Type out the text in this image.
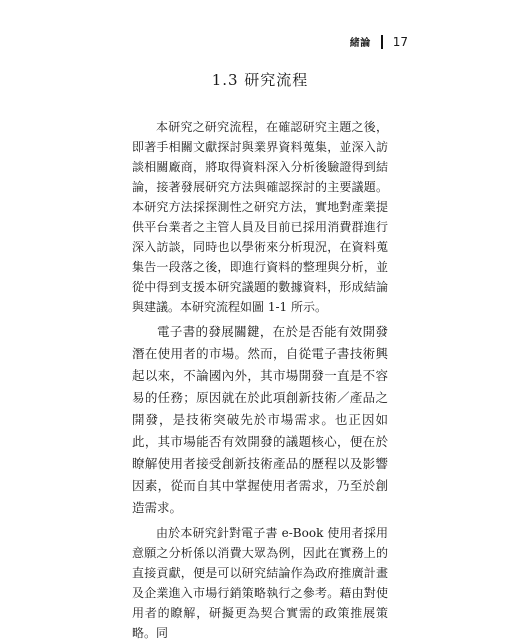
緒論 17
1.3 研究流程

本研究之研究流程，在確認研究主題之後，即著手相關文獻探討與業界資料蒐集，並深入訪談相關廠商，將取得資料深入分析後驗證得到結論，接著發展研究方法與確認探討的主要議題。本研究方法採探測性之研究方法，實地對產業提供平台業者之主管人員及目前已採用消費群進行深入訪談，同時也以學術來分析現況，在資料蒐集告一段落之後，即進行資料的整理與分析，並從中得到支援本研究議題的數據資料，形成結論與建議。本研究流程如圖 1-1 所示。

電子書的發展關鍵，在於是否能有效開發潛在使用者的市場。然而，自從電子書技術興起以來，不論國內外，其市場開發一直是不容易的任務；原因就在於此項創新技術／產品之開發，是技術突破先於市場需求。也正因如此，其市場能否有效開發的議題核心，便在於瞭解使用者接受創新技術產品的歷程以及影響因素，從而自其中掌握使用者需求，乃至於創造需求。

由於本研究針對電子書 e-Book 使用者採用意願之分析係以消費大眾為例，因此在實務上的直接貢獻，便是可以研究結論作為政府推廣計畫及企業進入市場行銷策略執行之參考。藉由對使用者的瞭解，研擬更為契合實需的政策推展策略。同
